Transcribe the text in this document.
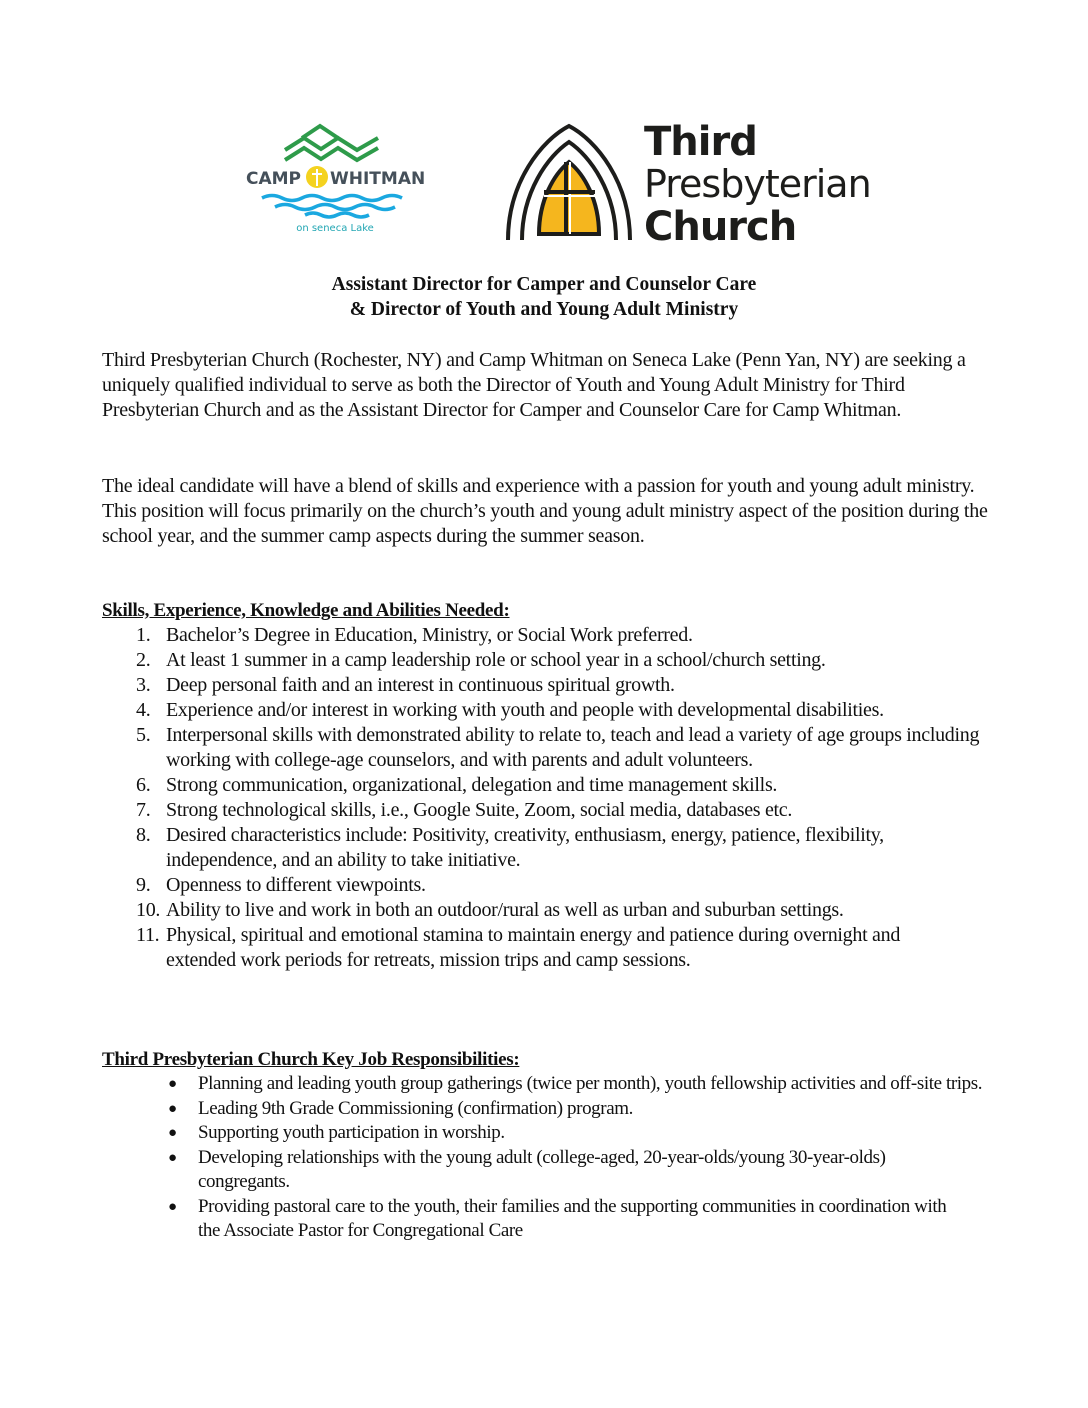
CAMP WHITMAN
on seneca Lake
Third
Presbyterian
Church
Assistant Director for Camper and Counselor Care
& Director of Youth and Young Adult Ministry
Third Presbyterian Church (Rochester, NY) and Camp Whitman on Seneca Lake (Penn Yan, NY) are seeking a uniquely qualified individual to serve as both the Director of Youth and Young Adult Ministry for Third Presbyterian Church and as the Assistant Director for Camper and Counselor Care for Camp Whitman.
The ideal candidate will have a blend of skills and experience with a passion for youth and young adult ministry. This position will focus primarily on the church’s youth and young adult ministry aspect of the position during the school year, and the summer camp aspects during the summer season.
Skills, Experience, Knowledge and Abilities Needed:
1. Bachelor’s Degree in Education, Ministry, or Social Work preferred.
2. At least 1 summer in a camp leadership role or school year in a school/church setting.
3. Deep personal faith and an interest in continuous spiritual growth.
4. Experience and/or interest in working with youth and people with developmental disabilities.
5. Interpersonal skills with demonstrated ability to relate to, teach and lead a variety of age groups including working with college-age counselors, and with parents and adult volunteers.
6. Strong communication, organizational, delegation and time management skills.
7. Strong technological skills, i.e., Google Suite, Zoom, social media, databases etc.
8. Desired characteristics include: Positivity, creativity, enthusiasm, energy, patience, flexibility, independence, and an ability to take initiative.
9. Openness to different viewpoints.
10. Ability to live and work in both an outdoor/rural as well as urban and suburban settings.
11. Physical, spiritual and emotional stamina to maintain energy and patience during overnight and extended work periods for retreats, mission trips and camp sessions.
Third Presbyterian Church Key Job Responsibilities:
● Planning and leading youth group gatherings (twice per month), youth fellowship activities and off-site trips.
● Leading 9th Grade Commissioning (confirmation) program.
● Supporting youth participation in worship.
● Developing relationships with the young adult (college-aged, 20-year-olds/young 30-year-olds) congregants.
● Providing pastoral care to the youth, their families and the supporting communities in coordination with the Associate Pastor for Congregational Care
